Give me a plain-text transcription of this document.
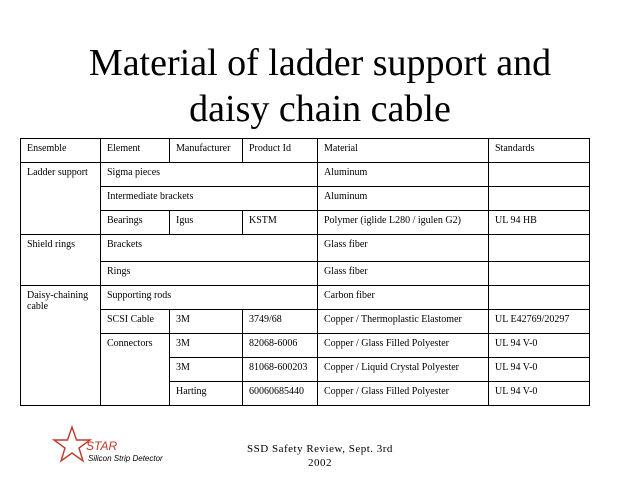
Material of ladder support and
daisy chain cable
Ensemble	Element	Manufacturer	Product Id	Material	Standards
Ladder support	Sigma pieces			Aluminum	
	Intermediate brackets			Aluminum	
	Bearings	Igus	KSTM	Polymer (iglide L280 / igulen G2)	UL 94 HB
Shield rings	Brackets			Glass fiber	
	Rings			Glass fiber	
Daisy-chaining cable	Supporting rods			Carbon fiber	
	SCSI Cable	3M	3749/68	Copper / Thermoplastic Elastomer	UL E42769/20297
	Connectors	3M	82068-6006	Copper / Glass Filled Polyester	UL 94 V-0
		3M	81068-600203	Copper / Liquid Crystal Polyester	UL 94 V-0
		Harting	60060685440	Copper / Glass Filled Polyester	UL 94 V-0
STAR
Silicon Strip Detector
SSD Safety Review, Sept. 3rd
2002
